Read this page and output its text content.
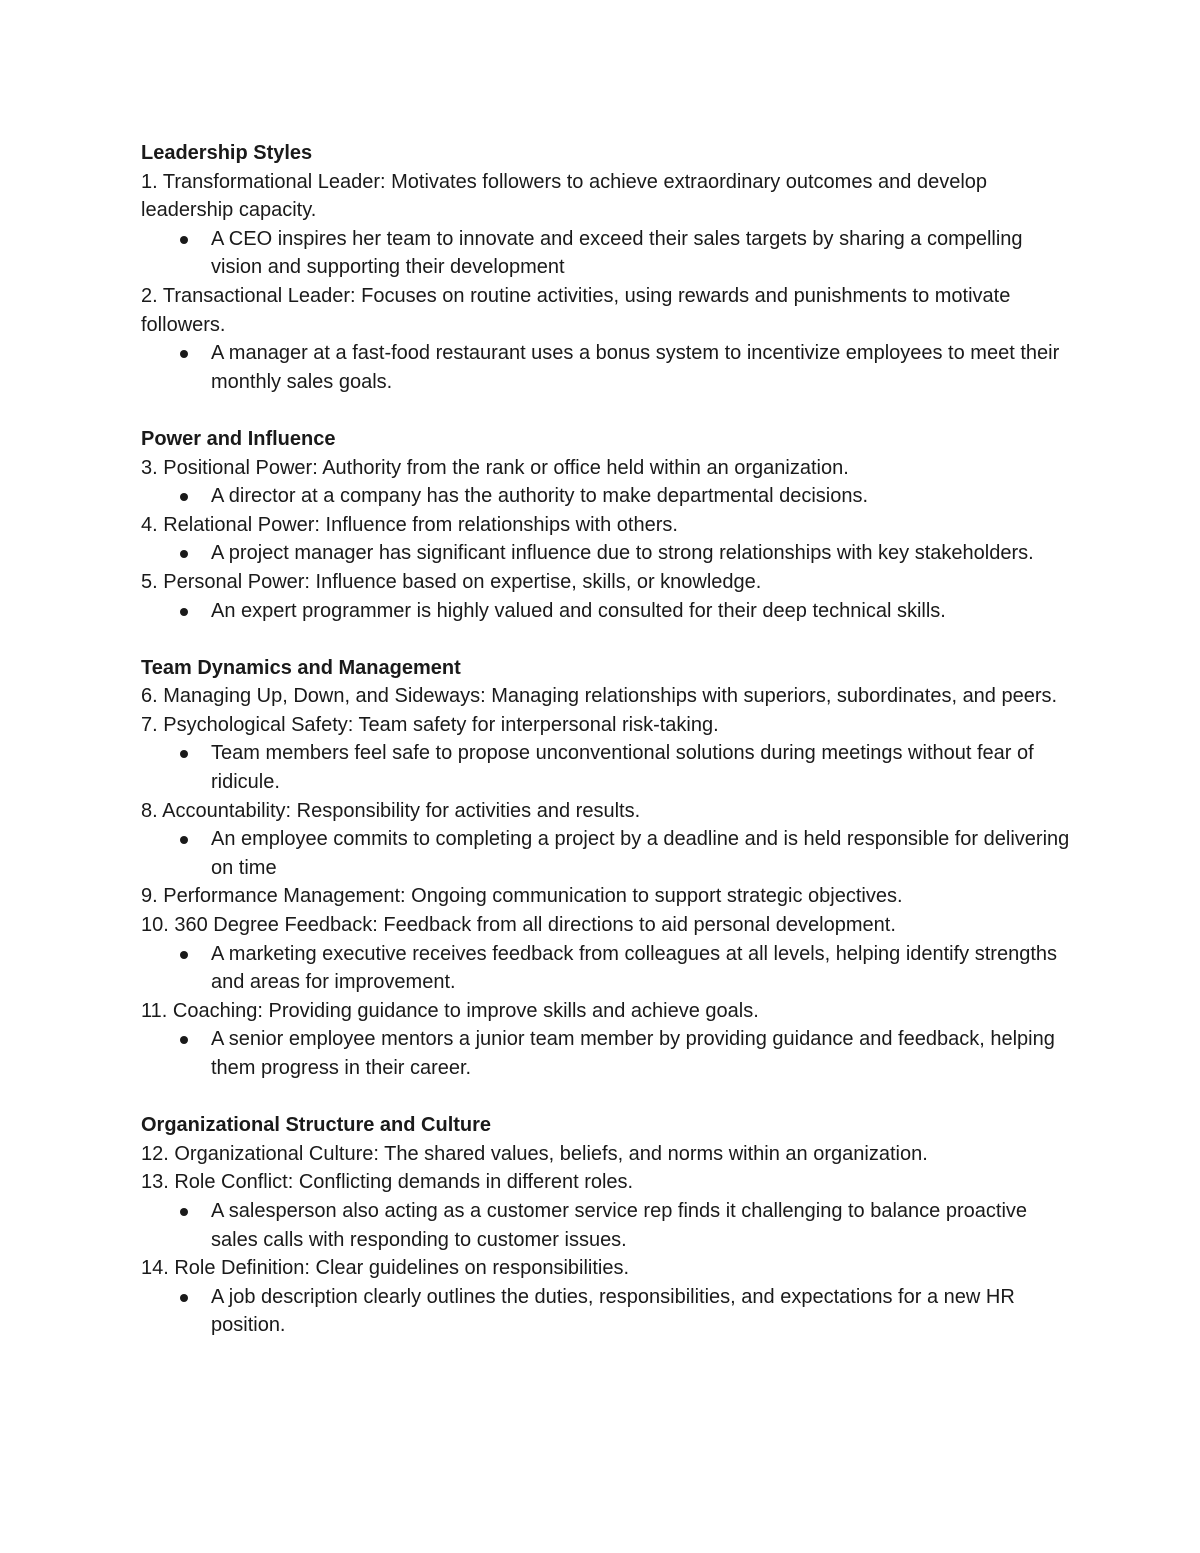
Leadership Styles

1. Transformational Leader: Motivates followers to achieve extraordinary outcomes and develop leadership capacity.

A CEO inspires her team to innovate and exceed their sales targets by sharing a compelling vision and supporting their development

2. Transactional Leader: Focuses on routine activities, using rewards and punishments to motivate followers.

A manager at a fast-food restaurant uses a bonus system to incentivize employees to meet their monthly sales goals.

Power and Influence

3. Positional Power: Authority from the rank or office held within an organization.

A director at a company has the authority to make departmental decisions.

4. Relational Power: Influence from relationships with others.

A project manager has significant influence due to strong relationships with key stakeholders.

5. Personal Power: Influence based on expertise, skills, or knowledge.

An expert programmer is highly valued and consulted for their deep technical skills.

Team Dynamics and Management

6. Managing Up, Down, and Sideways: Managing relationships with superiors, subordinates, and peers.

7. Psychological Safety: Team safety for interpersonal risk-taking.

Team members feel safe to propose unconventional solutions during meetings without fear of ridicule.

8. Accountability: Responsibility for activities and results.

An employee commits to completing a project by a deadline and is held responsible for delivering on time

9. Performance Management: Ongoing communication to support strategic objectives.

10. 360 Degree Feedback: Feedback from all directions to aid personal development.

A marketing executive receives feedback from colleagues at all levels, helping identify strengths and areas for improvement.

11. Coaching: Providing guidance to improve skills and achieve goals.

A senior employee mentors a junior team member by providing guidance and feedback, helping them progress in their career.

Organizational Structure and Culture

12. Organizational Culture: The shared values, beliefs, and norms within an organization.

13. Role Conflict: Conflicting demands in different roles.

A salesperson also acting as a customer service rep finds it challenging to balance proactive sales calls with responding to customer issues.

14. Role Definition: Clear guidelines on responsibilities.

A job description clearly outlines the duties, responsibilities, and expectations for a new HR position.
